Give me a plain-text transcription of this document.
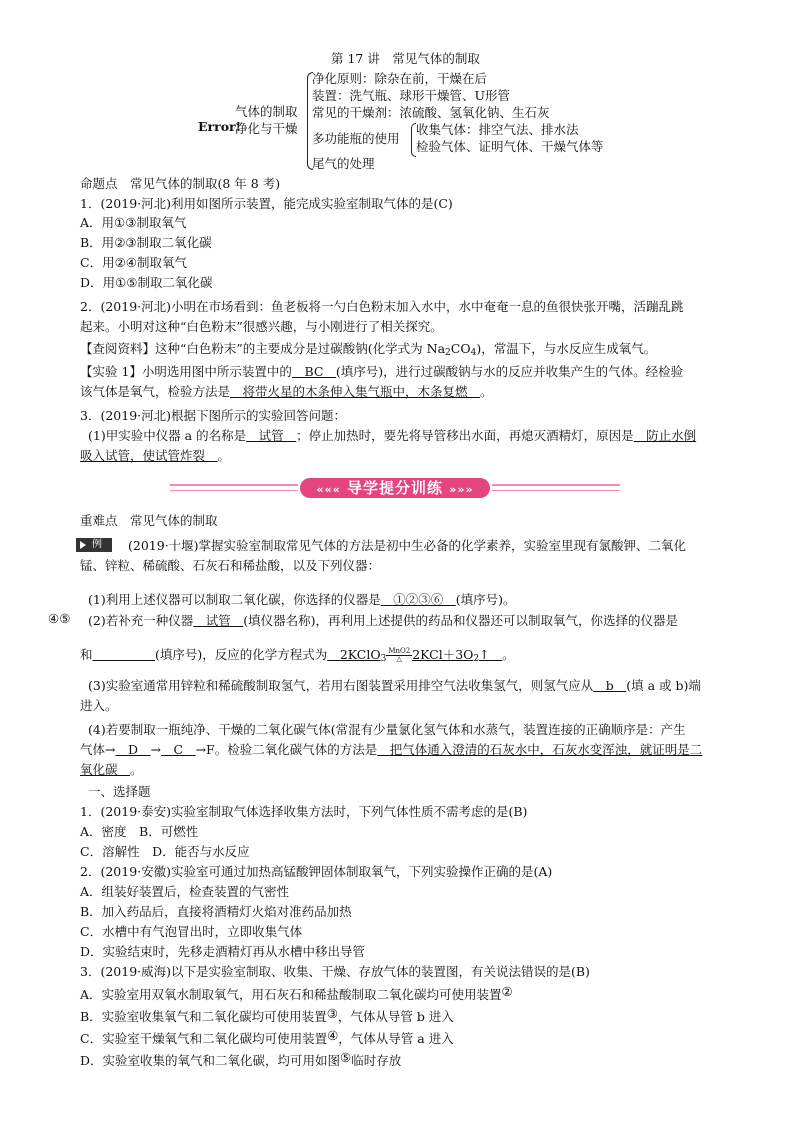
第 17 讲　常见气体的制取
Error!
气体的制取
净化与干燥
净化原则：除杂在前，干燥在后
装置：洗气瓶、球形干燥管、U形管
常见的干燥剂：浓硫酸、氢氧化钠、生石灰
多功能瓶的使用
收集气体：排空气法、排水法
检验气体、证明气体、干燥气体等
尾气的处理
命题点　常见气体的制取(8 年 8 考)
1．(2019·河北)利用如图所示装置，能完成实验室制取气体的是(C)
A．用①③制取氧气
B．用②③制取二氧化碳
C．用②④制取氧气
D．用①⑤制取二氧化碳
2．(2019·河北)小明在市场看到：鱼老板将一勺白色粉末加入水中，水中奄奄一息的鱼很快张开嘴，活蹦乱跳
起来。小明对这种“白色粉末”很感兴趣，与小刚进行了相关探究。
【查阅资料】这种“白色粉末”的主要成分是过碳酸钠(化学式为 $Na_2CO_4$)，常温下，与水反应生成氧气。
【实验 1】小明选用图中所示装置中的　BC　(填序号)，进行过碳酸钠与水的反应并收集产生的气体。经检验
该气体是氧气，检验方法是　将带火星的木条伸入集气瓶中，木条复燃　。
3．(2019·河北)根据下图所示的实验回答问题：
(1)甲实验中仪器 a 的名称是　试管　；停止加热时，要先将导管移出水面，再熄灭酒精灯，原因是　防止水倒
吸入试管，使试管炸裂　。
««« 导学提分训练 »»»
重难点　常见气体的制取
例 (2019·十堰)掌握实验室制取常见气体的方法是初中生必备的化学素养，实验室里现有氯酸钾、二氧化
锰、锌粒、稀硫酸、石灰石和稀盐酸，以及下列仪器：
(1)利用上述仪器可以制取二氧化碳，你选择的仪器是　①②③⑥　(填序号)。
④⑤ (2)若补充一种仪器　试管　(填仪器名称)，再利用上述提供的药品和仪器还可以制取氧气，你选择的仪器是
和　　　　　	(填序号)，反应的化学方程式为　 2KClO$_3$ $\frac{\text{MnO2}}{\triangle}$ $2KCl+3O_2↑$　 。
(3)实验室通常用锌粒和稀硫酸制取氢气，若用右图装置采用排空气法收集氢气，则氢气应从　b　(填 a 或 b)端
进入。
(4)若要制取一瓶纯净、干燥的二氧化碳气体(常混有少量氯化氢气体和水蒸气，装置连接的正确顺序是：产生
气体→　D　→　C　→F。检验二氧化碳气体的方法是　把气体通入澄清的石灰水中，石灰水变浑浊，就证明是二
氧化碳　。
一、选择题
1．(2019·泰安)实验室制取气体选择收集方法时，下列气体性质不需考虑的是(B)
A．密度　B．可燃性
C．溶解性　D．能否与水反应
2．(2019·安徽)实验室可通过加热高锰酸钾固体制取氧气，下列实验操作正确的是(A)
A．组装好装置后，检查装置的气密性
B．加入药品后，直接将酒精灯火焰对准药品加热
C．水槽中有气泡冒出时，立即收集气体
D．实验结束时，先移走酒精灯再从水槽中移出导管
3．(2019·威海)以下是实验室制取、收集、干燥、存放气体的装置图，有关说法错误的是(B)
A．实验室用双氧水制取氧气，用石灰石和稀盐酸制取二氧化碳均可使用装置②
B．实验室收集氧气和二氧化碳均可使用装置③，气体从导管 b 进入
C．实验室干燥氧气和二氧化碳均可使用装置④，气体从导管 a 进入
D．实验室收集的氧气和二氧化碳，均可用如图⑤临时存放
